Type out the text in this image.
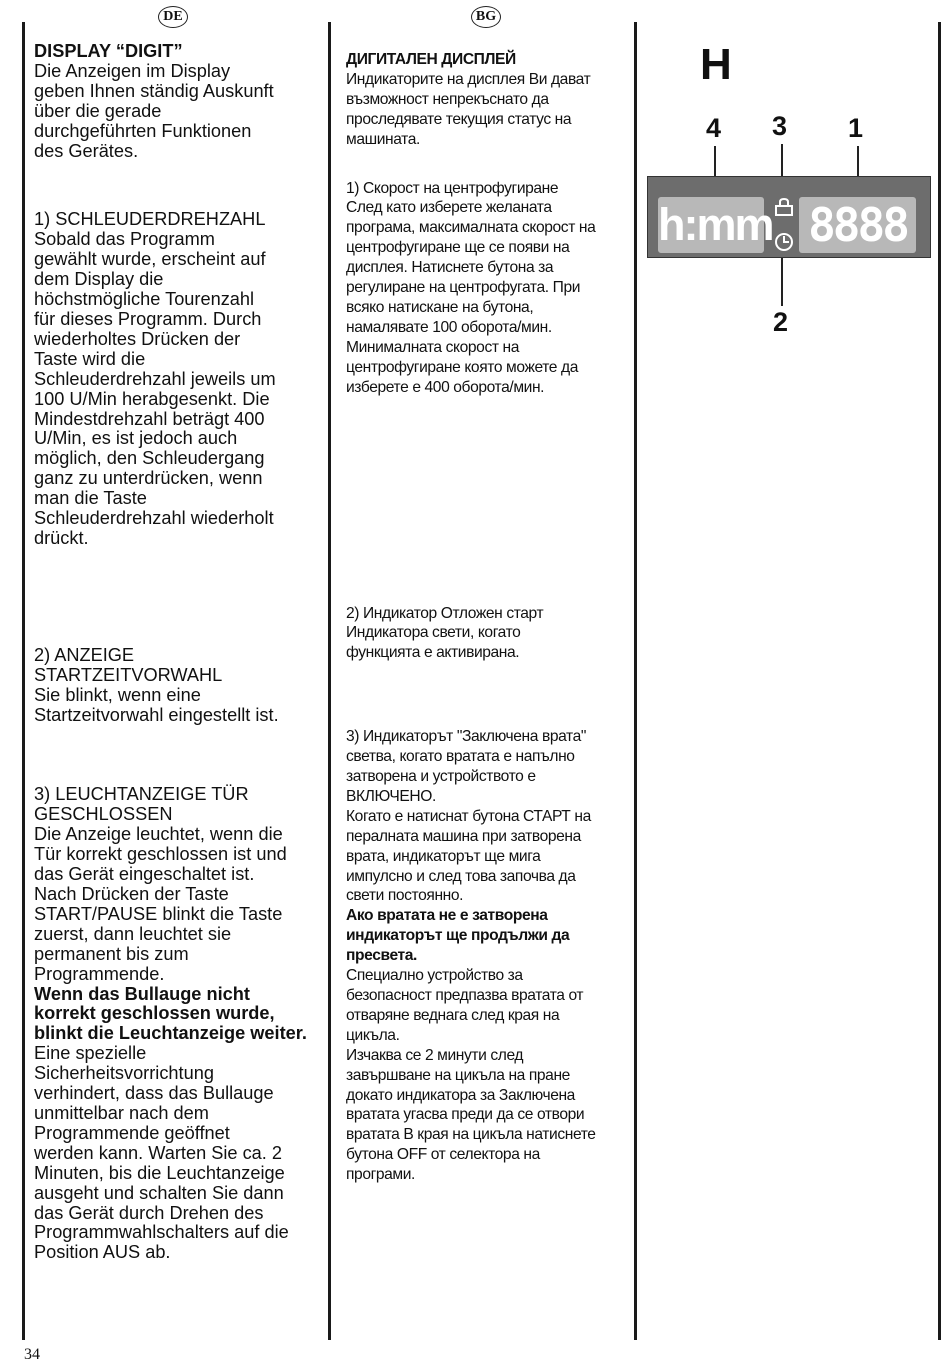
DE	BG

DISPLAY “DIGIT”

Die Anzeigen im Display
geben Ihnen ständig Auskunft
über die gerade
durchgeführten Funktionen
des Gerätes.

1) SCHLEUDERDREHZAHL
Sobald das Programm
gewählt wurde, erscheint auf
dem Display die
höchstmögliche Tourenzahl
für dieses Programm. Durch
wiederholtes Drücken der
Taste wird die
Schleuderdrehzahl jeweils um
100 U/Min herabgesenkt. Die
Mindestdrehzahl beträgt 400
U/Min, es ist jedoch auch
möglich, den Schleudergang
ganz zu unterdrücken, wenn
man die Taste
Schleuderdrehzahl wiederholt
drückt.

2) ANZEIGE
STARTZEITVORWAHL
Sie blinkt, wenn eine
Startzeitvorwahl eingestellt ist.

3) LEUCHTANZEIGE TÜR
GESCHLOSSEN
Die Anzeige leuchtet, wenn die
Tür korrekt geschlossen ist und
das Gerät eingeschaltet ist.
Nach Drücken der Taste
START/PAUSE blinkt die Taste
zuerst, dann leuchtet sie
permanent bis zum
Programmende.

Wenn das Bullauge nicht
korrekt geschlossen wurde,
blinkt die Leuchtanzeige weiter.

Eine spezielle
Sicherheitsvorrichtung
verhindert, dass das Bullauge
unmittelbar nach dem
Programmende geöffnet
werden kann. Warten Sie ca. 2
Minuten, bis die Leuchtanzeige
ausgeht und schalten Sie dann
das Gerät durch Drehen des
Programmwahlschalters auf die
Position AUS ab.

ДИГИТАЛЕН ДИСПЛЕЙ

Индикаторите на дисплея Ви дават
възможност непрекъснато да
проследявате текущия статус на
машината.

1) Скорост на центрофугиране
След като изберете желаната
програма, максималната скорост на
центрофугиране ще се появи на
дисплея. Натиснете бутона за
регулиране на центрофугата. При
всяко натискане на бутона,
намалявате 100 оборота/мин.
Минималната скорост на
центрофугиране която можете да
изберете е 400 оборота/мин.

2) Индикатор Отложен старт
Индикатора свети, когато
функцията е активирана.

3) Индикаторът "Заключена врата"
светва, когато вратата е напълно
затворена и устройството е
ВКЛЮЧЕНО.
Когато е натиснат бутона СТАРТ на
пералната машина при затворена
врата, индикаторът ще мига
импулсно и след това започва да
свети постоянно.

Ако вратата не е затворена
индикаторът ще продължи да
пресвета.

Специално устройство за
безопасност предпазва вратата от
отваряне веднага след края на
цикъла.
Изчаква се 2 минути след
завършване на цикъла на пране
докато индикатора за Заключена
вратата угасва преди да се отвори
вратата В края на цикъла натиснете
бутона OFF от селектора на
програми.

H
4 3 1
2
h:mm 8888
34
